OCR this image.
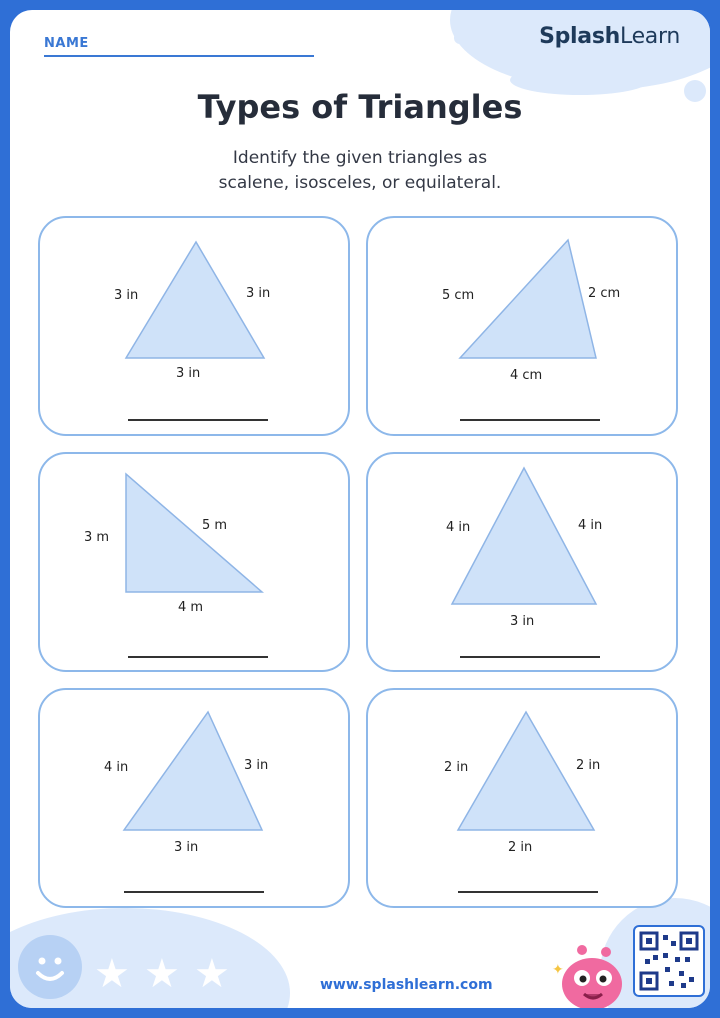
NAME	SplashLearn
Types of Triangles
Identify the given triangles as
scalene, isosceles, or equilateral.
3 in	3 in
3 in
5 cm	2 cm
4 cm
3 m
5 m
4 m
4 in	4 in
3 in
4 in	3 in
3 in
2 in	2 in
2 in
★ ★ ★	www.splashlearn.com
✦
